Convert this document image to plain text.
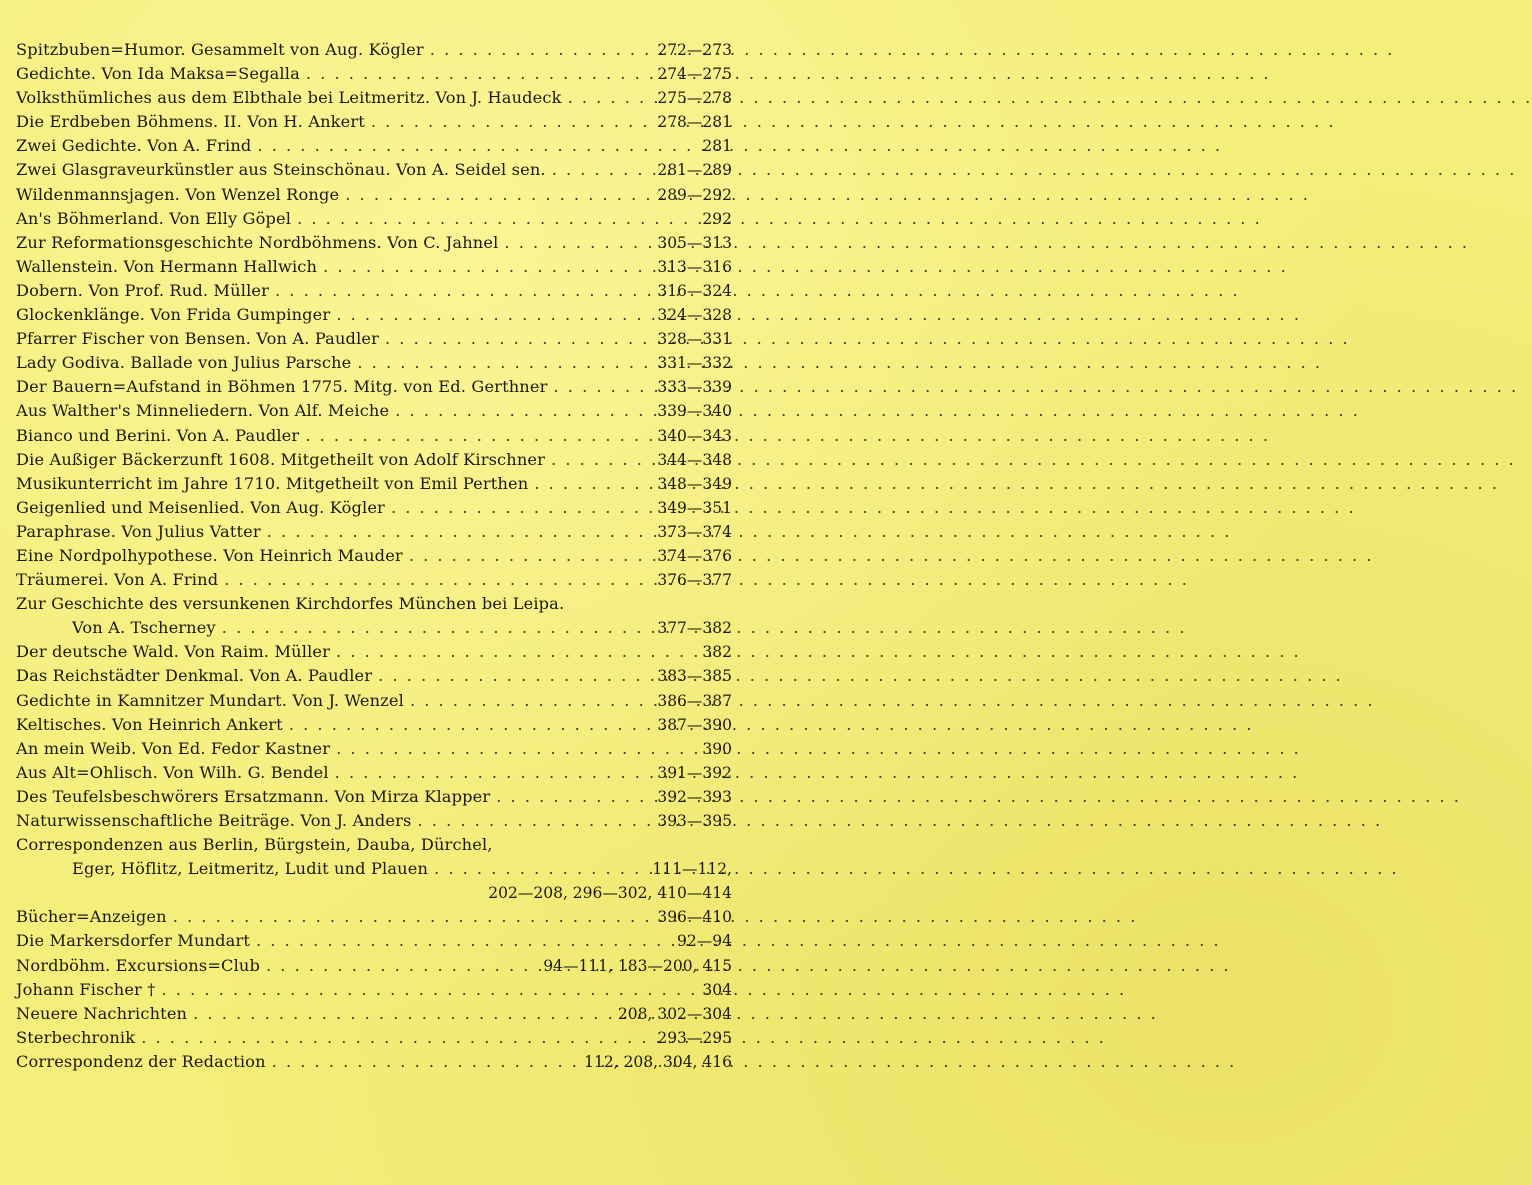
Spitzbuben=Humor. Gesammelt von Aug. Kögler . . .	272—273
Gedichte. Von Ida Maksa=Segalla . . .	274—275
Volksthümliches aus dem Elbthale bei Leitmeritz. Von J. Haudeck . . .	275—278
Die Erdbeben Böhmens. II. Von H. Ankert . . .	278—281
Zwei Gedichte. Von A. Frind . . .	281
Zwei Glasgraveurkünstler aus Steinschönau. Von A. Seidel sen. . . .	281—289
Wildenmannsjagen. Von Wenzel Ronge . . .	289—292
An's Böhmerland. Von Elly Göpel . . .	292
Zur Reformationsgeschichte Nordböhmens. Von C. Jahnel . . .	305—313
Wallenstein. Von Hermann Hallwich . . .	313—316
Dobern. Von Prof. Rud. Müller . . .	316—324
Glockenklänge. Von Frida Gumpinger . . .	324—328
Pfarrer Fischer von Bensen. Von A. Paudler . . .	328—331
Lady Godiva. Ballade von Julius Parsche . . .	331—332
Der Bauern=Aufstand in Böhmen 1775. Mitg. von Ed. Gerthner . . .	333—339
Aus Walther's Minneliedern. Von Alf. Meiche . . .	339—340
Bianco und Berini. Von A. Paudler . . .	340—343
Die Außiger Bäckerzunft 1608. Mitgetheilt von Adolf Kirschner . . .	344—348
Musikunterricht im Jahre 1710. Mitgetheilt von Emil Perthen . . .	348—349
Geigenlied und Meisenlied. Von Aug. Kögler . . .	349—351
Paraphrase. Von Julius Vatter . . .	373—374
Eine Nordpolhypothese. Von Heinrich Mauder . . .	374—376
Träumerei. Von A. Frind . . .	376—377
Zur Geschichte des versunkenen Kirchdorfes München bei Leipa.
Von A. Tscherney . . .	377—382
Der deutsche Wald. Von Raim. Müller . . .	382
Das Reichstädter Denkmal. Von A. Paudler . . .	383—385
Gedichte in Kamnitzer Mundart. Von J. Wenzel . . .	386—387
Keltisches. Von Heinrich Ankert . . .	387—390
An mein Weib. Von Ed. Fedor Kastner . . .	390
Aus Alt=Ohlisch. Von Wilh. G. Bendel . . .	391—392
Des Teufelsbeschwörers Ersatzmann. Von Mirza Klapper . . .	392—393
Naturwissenschaftliche Beiträge. Von J. Anders . . .	393—395
Correspondenzen aus Berlin, Bürgstein, Dauba, Dürchel,
Eger, Höflitz, Leitmeritz, Ludit und Plauen . . .	111—112,
202—208, 296—302, 410—414
Bücher=Anzeigen . . .	396—410
Die Markersdorfer Mundart . . .	92—94
Nordböhm. Excursions=Club . . .	94—111, 183—200, 415
Johann Fischer † . . .	304
Neuere Nachrichten . . .	208, 302—304
Sterbechronik . . .	293—295
Correspondenz der Redaction . . .	112, 208, 304, 416
